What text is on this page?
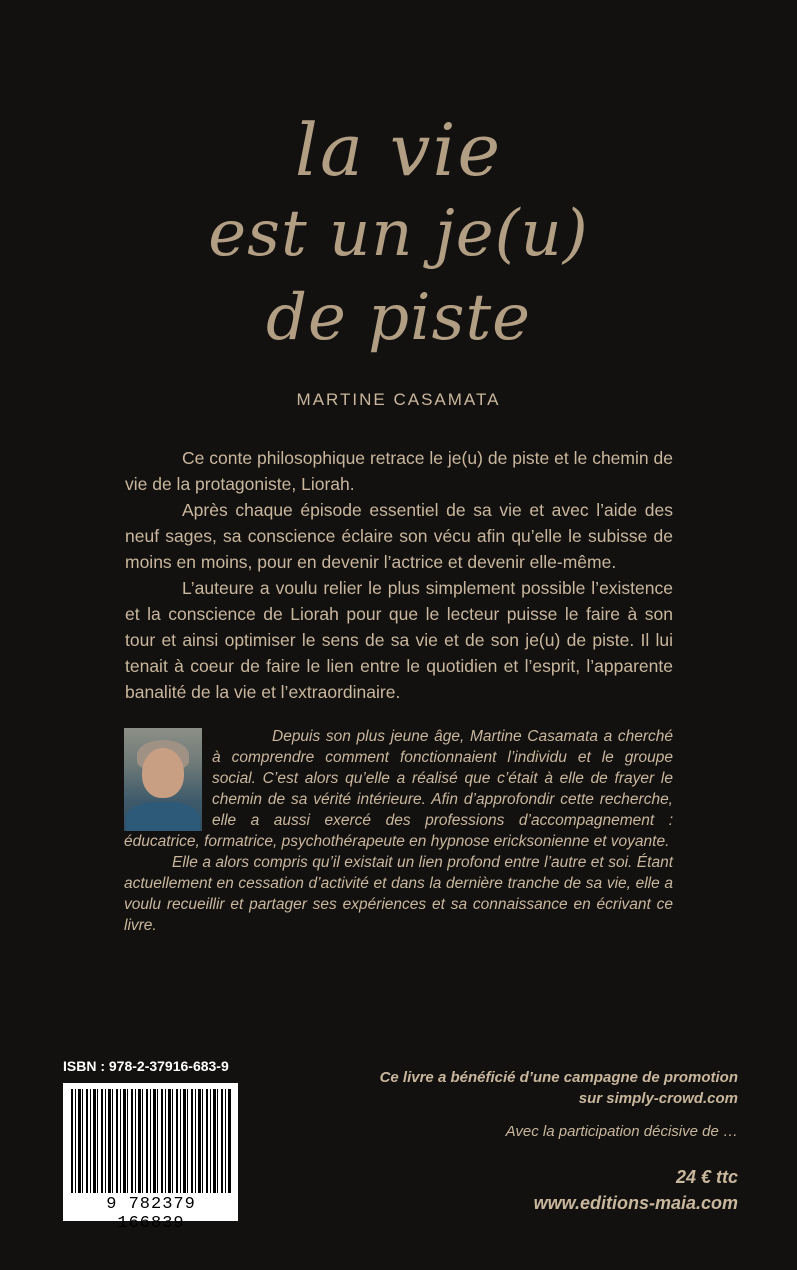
la vie
est un je(u)
de piste
MARTINE CASAMATA

Ce conte philosophique retrace le je(u) de piste et le chemin de vie de la protagoniste, Liorah.

Après chaque épisode essentiel de sa vie et avec l’aide des neuf sages, sa conscience éclaire son vécu afin qu’elle le subisse de moins en moins, pour en devenir l’actrice et devenir elle-même.

L’auteure a voulu relier le plus simplement possible l’existence et la conscience de Liorah pour que le lecteur puisse le faire à son tour et ainsi optimiser le sens de sa vie et de son je(u) de piste. Il lui tenait à coeur de faire le lien entre le quotidien et l’esprit, l’apparente banalité de la vie et l’extraordinaire.

Depuis son plus jeune âge, Martine Casamata a cherché à comprendre comment fonctionnaient l’individu et le groupe social. C’est alors qu’elle a réalisé que c’était à elle de frayer le chemin de sa vérité intérieure. Afin d’approfondir cette recherche, elle a aussi exercé des professions d’accompagnement : éducatrice, formatrice, psychothérapeute en hypnose ericksonienne et voyante.

Elle a alors compris qu’il existait un lien profond entre l’autre et soi. Étant actuellement en cessation d’activité et dans la dernière tranche de sa vie, elle a voulu recueillir et partager ses expériences et sa connaissance en écrivant ce livre.

ISBN : 978-2-37916-683-9
9 782379 166839
Ce livre a bénéficié d’une campagne de promotion
sur simply-crowd.com
Avec la participation décisive de …
24 € ttc
www.editions-maia.com
